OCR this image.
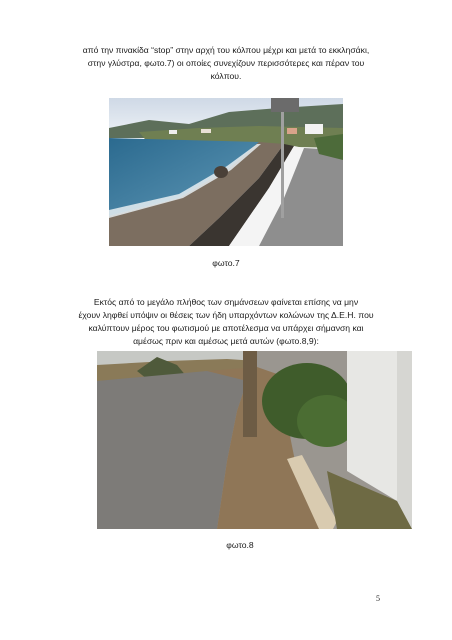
από την πινακίδα “stop” στην αρχή του κόλπου μέχρι και μετά το εκκλησάκι,
στην γλύστρα, φωτο.7) οι οποίες συνεχίζουν περισσότερες και πέραν του
κόλπου.

φωτο.7

Εκτός από το μεγάλο πλήθος των σημάνσεων φαίνεται επίσης να μην
έχουν ληφθεί υπόψιν οι θέσεις των ήδη υπαρχόντων κολώνων της Δ.Ε.Η. που
καλύπτουν μέρος του φωτισμού με αποτέλεσμα να υπάρχει σήμανση και
αμέσως πριν και αμέσως μετά αυτών (φωτο.8,9):

φωτο.8
5
